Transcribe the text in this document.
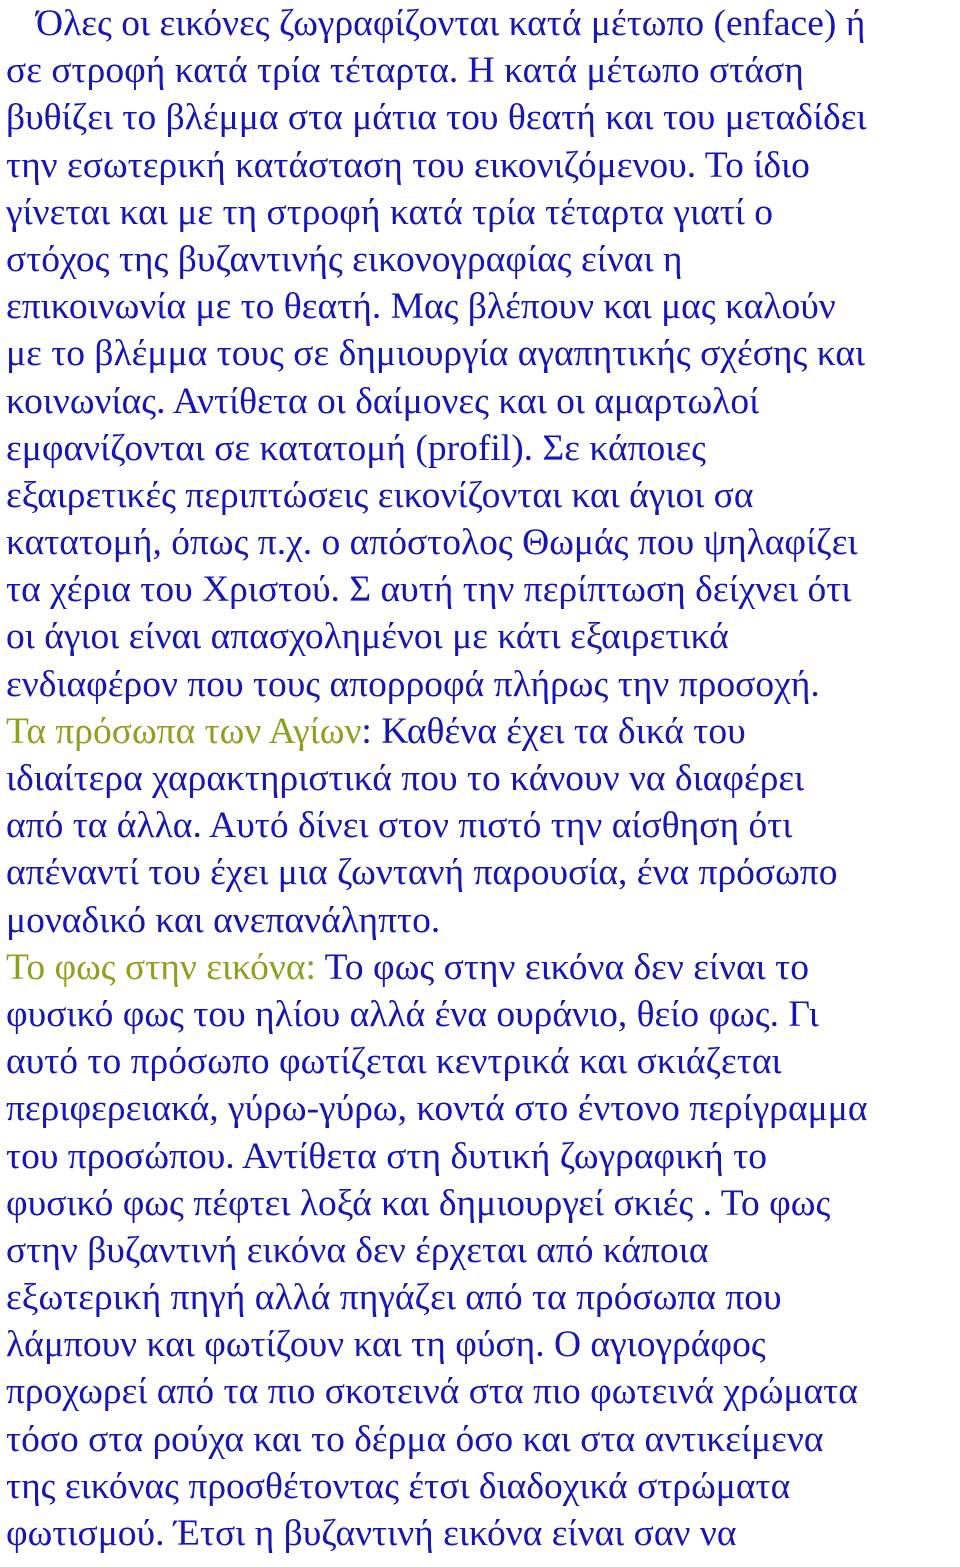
Όλες οι εικόνες ζωγραφίζονται κατά μέτωπο (enface) ή
σε στροφή κατά τρία τέταρτα. Η κατά μέτωπο στάση
βυθίζει το βλέμμα στα μάτια του θεατή και του μεταδίδει
την εσωτερική κατάσταση του εικονιζόμενου. Το ίδιο
γίνεται και με τη στροφή κατά τρία τέταρτα γιατί ο
στόχος της βυζαντινής εικονογραφίας είναι η
επικοινωνία με το θεατή. Μας βλέπουν και μας καλούν
με το βλέμμα τους σε δημιουργία αγαπητικής σχέσης και
κοινωνίας. Αντίθετα οι δαίμονες και οι αμαρτωλοί
εμφανίζονται σε κατατομή (profil). Σε κάποιες
εξαιρετικές περιπτώσεις εικονίζονται και άγιοι σα
κατατομή, όπως π.χ. ο απόστολος Θωμάς που ψηλαφίζει
τα χέρια του Χριστού. Σ αυτή την περίπτωση δείχνει ότι
οι άγιοι είναι απασχολημένοι με κάτι εξαιρετικά
ενδιαφέρον που τους απορροφά πλήρως την προσοχή.
Τα πρόσωπα των Αγίων: Καθένα έχει τα δικά του
ιδιαίτερα χαρακτηριστικά που το κάνουν να διαφέρει
από τα άλλα. Αυτό δίνει στον πιστό την αίσθηση ότι
απέναντί του έχει μια ζωντανή παρουσία, ένα πρόσωπο
μοναδικό και ανεπανάληπτο.
Το φως στην εικόνα: Το φως στην εικόνα δεν είναι το
φυσικό φως του ηλίου αλλά ένα ουράνιο, θείο φως. Γι
αυτό το πρόσωπο φωτίζεται κεντρικά και σκιάζεται
περιφερειακά, γύρω-γύρω, κοντά στο έντονο περίγραμμα
του προσώπου. Αντίθετα στη δυτική ζωγραφική το
φυσικό φως πέφτει λοξά και δημιουργεί σκιές . Το φως
στην βυζαντινή εικόνα δεν έρχεται από κάποια
εξωτερική πηγή αλλά πηγάζει από τα πρόσωπα που
λάμπουν και φωτίζουν και τη φύση. Ο αγιογράφος
προχωρεί από τα πιο σκοτεινά στα πιο φωτεινά χρώματα
τόσο στα ρούχα και το δέρμα όσο και στα αντικείμενα
της εικόνας προσθέτοντας έτσι διαδοχικά στρώματα
φωτισμού. Έτσι η βυζαντινή εικόνα είναι σαν να
